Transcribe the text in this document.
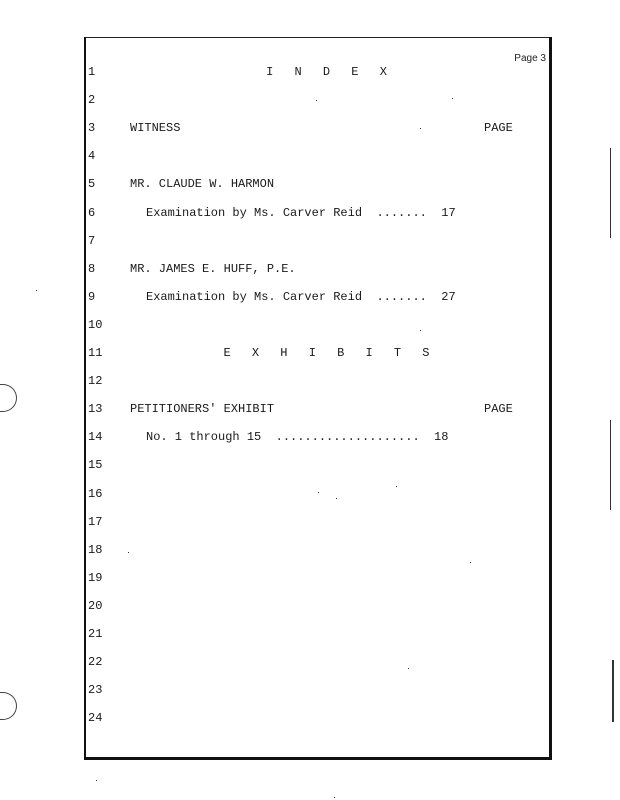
Page 3
1	I N D E X
2
3	WITNESS	PAGE
4
5	MR. CLAUDE W. HARMON
6	Examination by Ms. Carver Reid  .......  17
7
8	MR. JAMES E. HUFF, P.E.
9	Examination by Ms. Carver Reid  .......  27
10
11	E X H I B I T S
12
13	PETITIONERS' EXHIBIT	PAGE
14	No. 1 through 15  ....................  18
15
16
17
18
19
20
21
22
23
24
